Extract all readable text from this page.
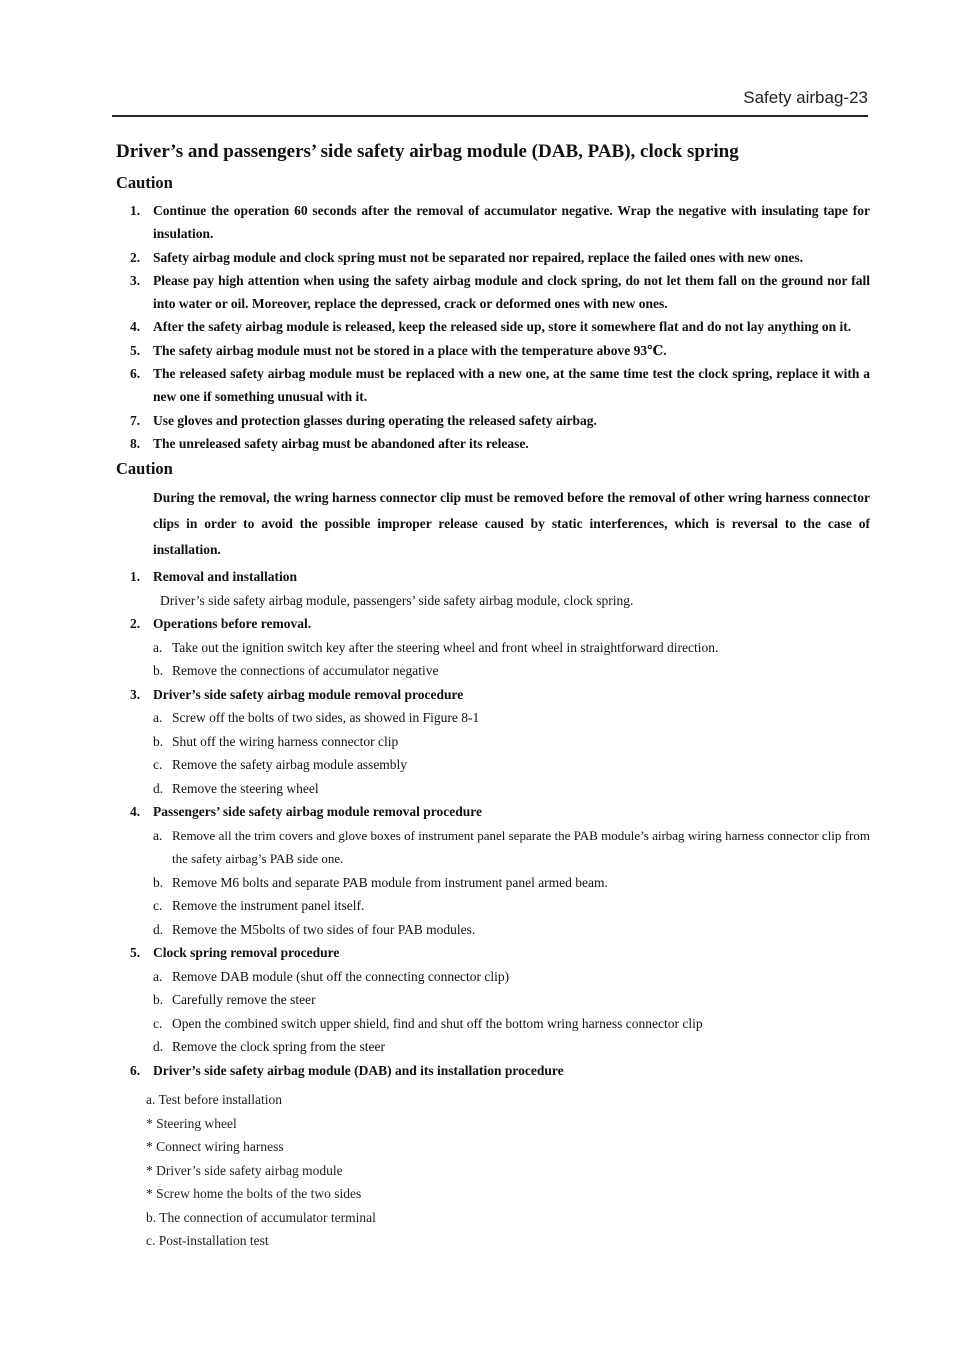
Safety airbag-23
Driver’s and passengers’ side safety airbag module (DAB, PAB), clock spring
Caution
1. Continue the operation 60 seconds after the removal of accumulator negative. Wrap the negative with insulating tape for insulation.
2. Safety airbag module and clock spring must not be separated nor repaired, replace the failed ones with new ones.
3. Please pay high attention when using the safety airbag module and clock spring, do not let them fall on the ground nor fall into water or oil. Moreover, replace the depressed, crack or deformed ones with new ones.
4. After the safety airbag module is released, keep the released side up, store it somewhere flat and do not lay anything on it.
5. The safety airbag module must not be stored in a place with the temperature above 93℃.
6. The released safety airbag module must be replaced with a new one, at the same time test the clock spring, replace it with a new one if something unusual with it.
7. Use gloves and protection glasses during operating the released safety airbag.
8. The unreleased safety airbag must be abandoned after its release.
Caution
During the removal, the wring harness connector clip must be removed before the removal of other wring harness connector clips in order to avoid the possible improper release caused by static interferences, which is reversal to the case of installation.
1. Removal and installation
Driver’s side safety airbag module, passengers’ side safety airbag module, clock spring.
2. Operations before removal.
a. Take out the ignition switch key after the steering wheel and front wheel in straightforward direction.
b. Remove the connections of accumulator negative
3. Driver’s side safety airbag module removal procedure
a. Screw off the bolts of two sides, as showed in Figure 8-1
b. Shut off the wiring harness connector clip
c. Remove the safety airbag module assembly
d. Remove the steering wheel
4. Passengers’ side safety airbag module removal procedure
a. Remove all the trim covers and glove boxes of instrument panel separate the PAB module’s airbag wiring harness connector clip from the safety airbag’s PAB side one.
b. Remove M6 bolts and separate PAB module from instrument panel armed beam.
c. Remove the instrument panel itself.
d. Remove the M5bolts of two sides of four PAB modules.
5. Clock spring removal procedure
a. Remove DAB module (shut off the connecting connector clip)
b. Carefully remove the steer
c. Open the combined switch upper shield, find and shut off the bottom wring harness connector clip
d. Remove the clock spring from the steer
6. Driver’s side safety airbag module (DAB) and its installation procedure
a. Test before installation
* Steering wheel
* Connect wiring harness
* Driver’s side safety airbag module
* Screw home the bolts of the two sides
b. The connection of accumulator terminal
c. Post-installation test
